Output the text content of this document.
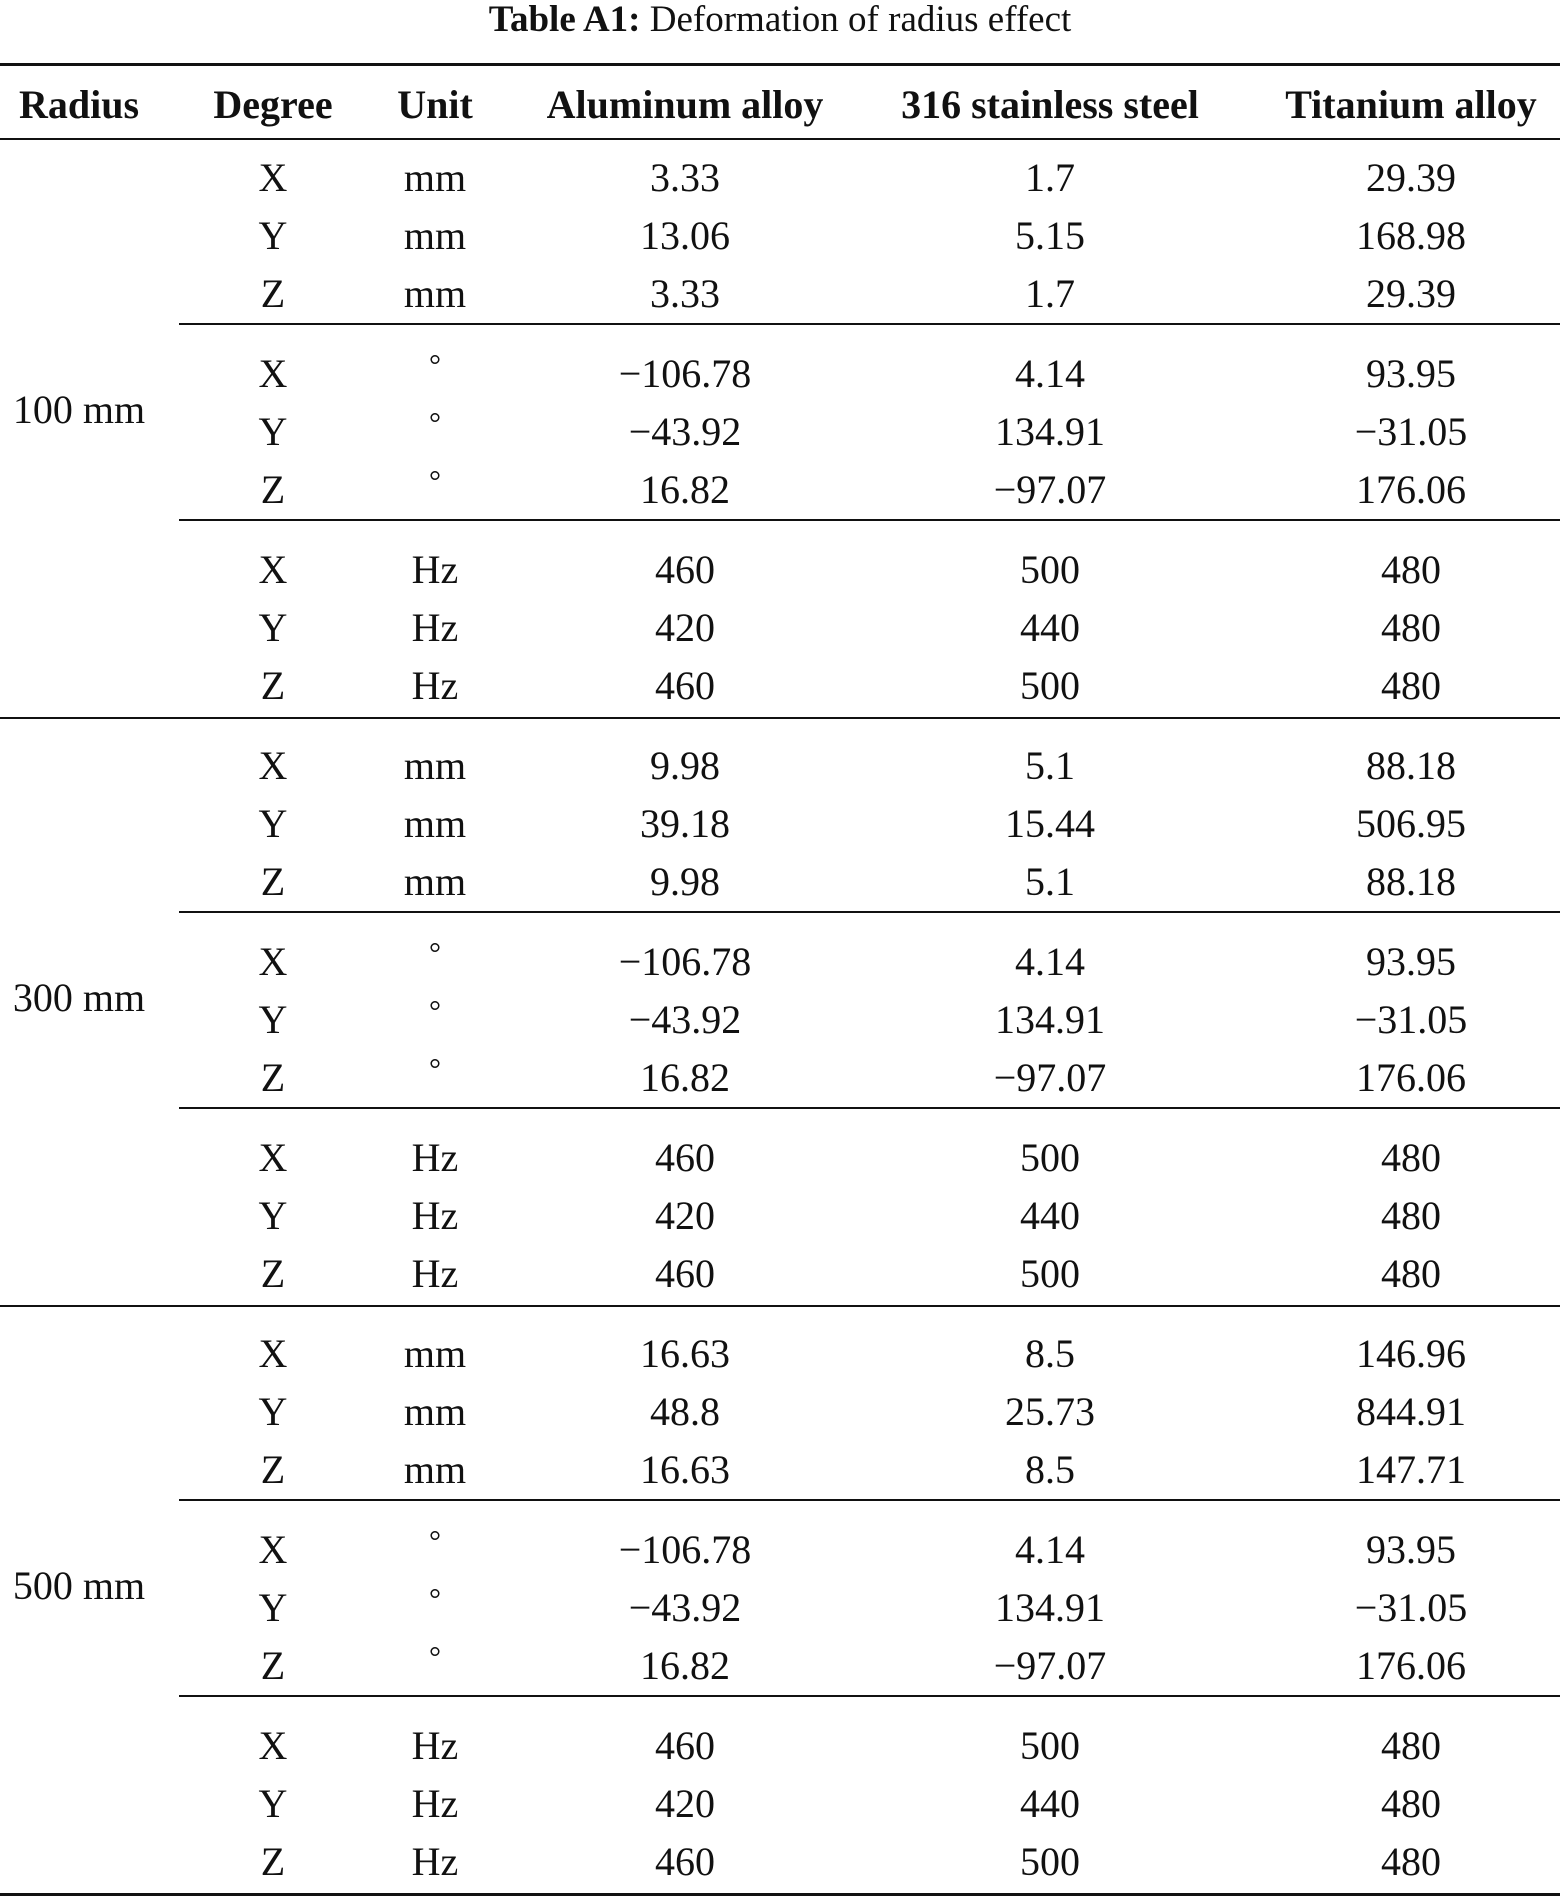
Table A1: Deformation of radius effect
Radius	Degree	Unit	Aluminum alloy	316 stainless steel	Titanium alloy
100 mm
X	mm	3.33	1.7	29.39
Y	mm	13.06	5.15	168.98
Z	mm	3.33	1.7	29.39
X	°	−106.78	4.14	93.95
Y	°	−43.92	134.91	−31.05
Z	°	16.82	−97.07	176.06
X	Hz	460	500	480
Y	Hz	420	440	480
Z	Hz	460	500	480
300 mm
X	mm	9.98	5.1	88.18
Y	mm	39.18	15.44	506.95
Z	mm	9.98	5.1	88.18
X	°	−106.78	4.14	93.95
Y	°	−43.92	134.91	−31.05
Z	°	16.82	−97.07	176.06
X	Hz	460	500	480
Y	Hz	420	440	480
Z	Hz	460	500	480
500 mm
X	mm	16.63	8.5	146.96
Y	mm	48.8	25.73	844.91
Z	mm	16.63	8.5	147.71
X	°	−106.78	4.14	93.95
Y	°	−43.92	134.91	−31.05
Z	°	16.82	−97.07	176.06
X	Hz	460	500	480
Y	Hz	420	440	480
Z	Hz	460	500	480
